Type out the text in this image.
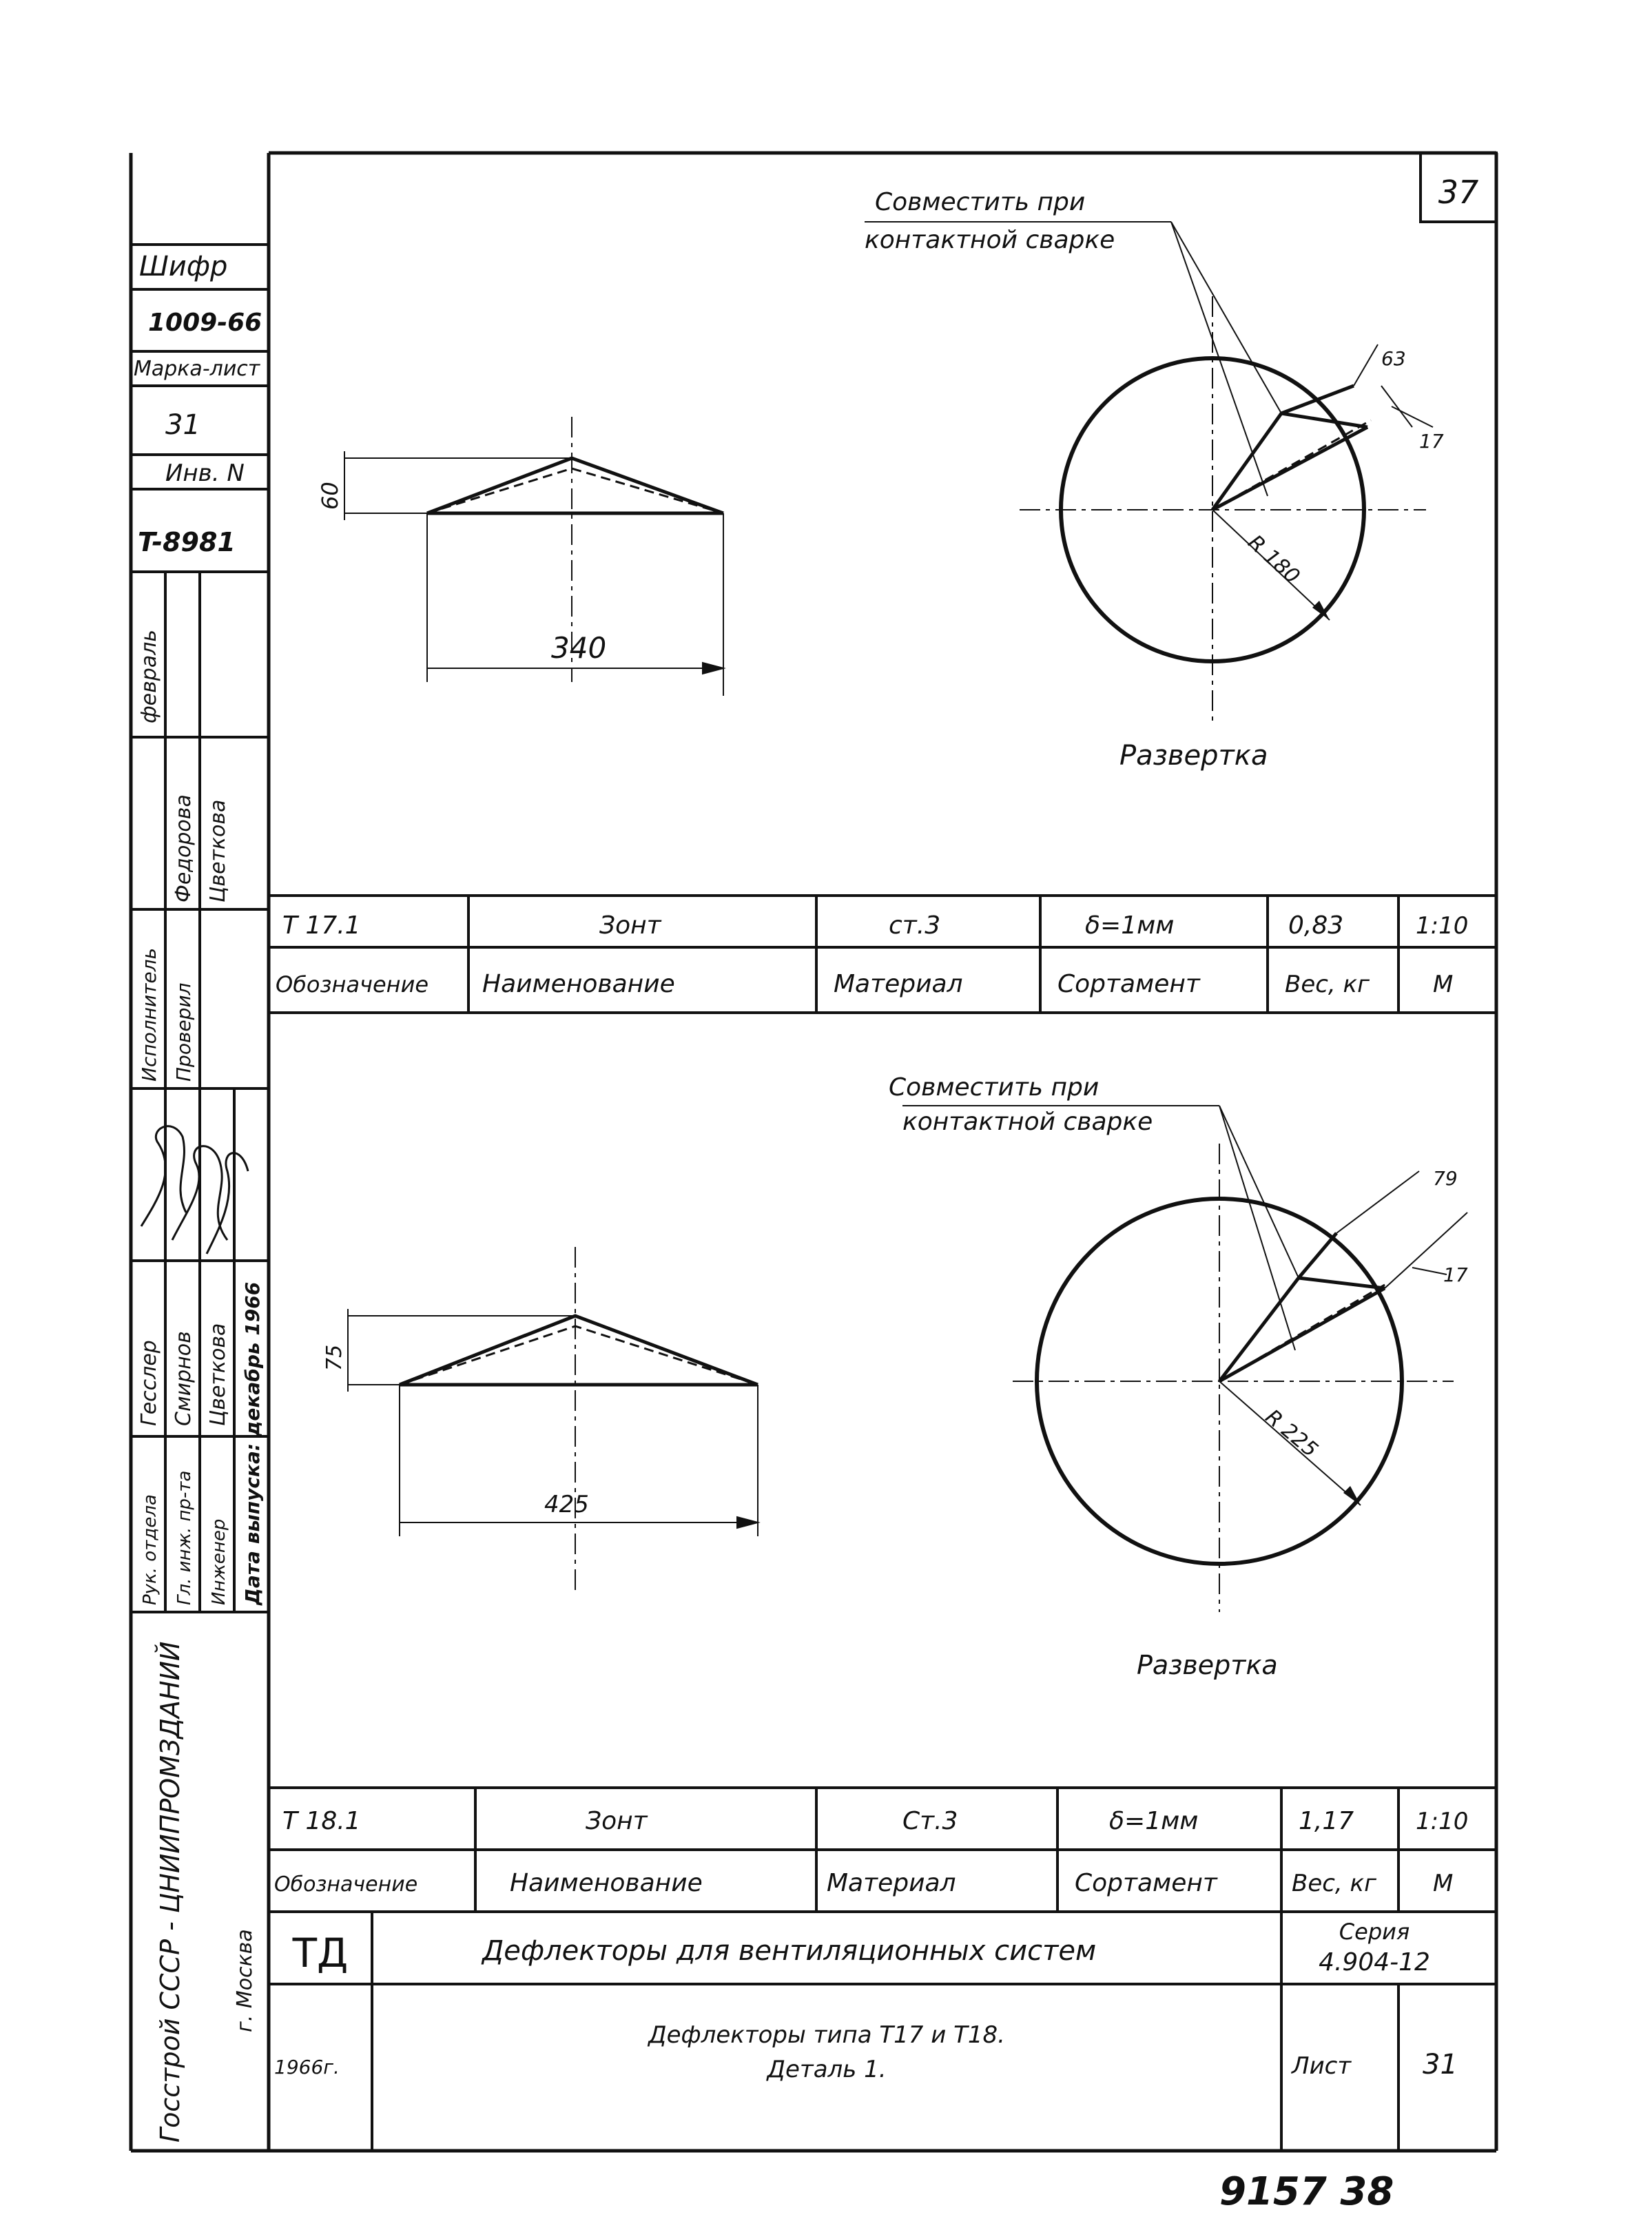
37
Шифр
1009-66
Марка-лист
31
Инв. N
T-8981
февраль
Федорова Цветкова
Исполнитель Проверил
Рук. отдела Гл. инж. пр-та Инженер
Гесслер Смирнов Цветкова Дата выпуска: декабрь 1966
Госстрой СССР - ЦНИИПРОМЗДАНИЙ г. Москва
60
340
R 180
63
17
Совместить при
контактной сварке
Развертка
Т 17.1	Зонт	ст.3	δ=1мм	0,83	1:10
Обозначение Наименование	Материал	Сортамент	Вес, кг	М
75
425
R 225
79
17
Совместить при
контактной сварке
Развертка
Т 18.1	Зонт	Ст.3	δ=1мм	1,17	1:10
Обозначение	Наименование	Материал	Сортамент	Вес, кг М
ТД	Дефлекторы для вентиляционных систем
Серия
4.904-12
1966г.
Дефлекторы типа Т17 и Т18.
Деталь 1.	Лист	31
9157 38
